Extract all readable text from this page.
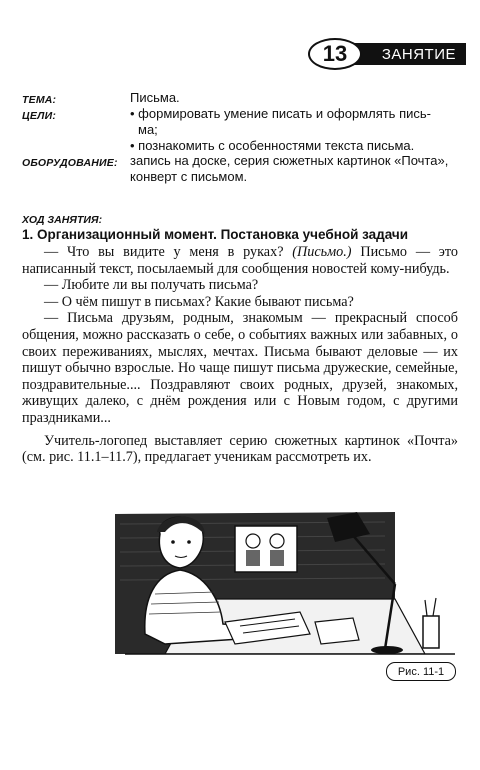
ЗАНЯТИЕ
13
ТЕМА:	Письма.
ЦЕЛИ:	• формировать умение писать и оформлять пись-
ма;
• познакомить с особенностями текста письма.
ОБОРУДОВАНИЕ: запись на доске, серия сюжетных картинок «Почта»,
конверт с письмом.
ХОД ЗАНЯТИЯ:
1. Организационный момент. Постановка учебной задачи

— Что вы видите у меня в руках? (Письмо.) Письмо — это написанный текст, посылаемый для сообщения новостей кому-нибудь.

— Любите ли вы получать письма?

— О чём пишут в письмах? Какие бывают письма?

— Письма друзьям, родным, знакомым — прекрасный способ общения, можно рассказать о себе, о событиях важных или забавных, о своих переживаниях, мыслях, мечтах. Письма бывают деловые — их пишут обычно взрослые. Но чаще пишут письма дружеские, семейные, поздравительные.... Поздравляют своих родных, друзей, знакомых, живущих далеко, с днём рождения или с Новым годом, с другими праздниками...

Учитель-логопед выставляет серию сюжетных картинок «Почта» (см. рис. 11.1–11.7), предлагает ученикам рассмотреть их.

Рис. 11-1
